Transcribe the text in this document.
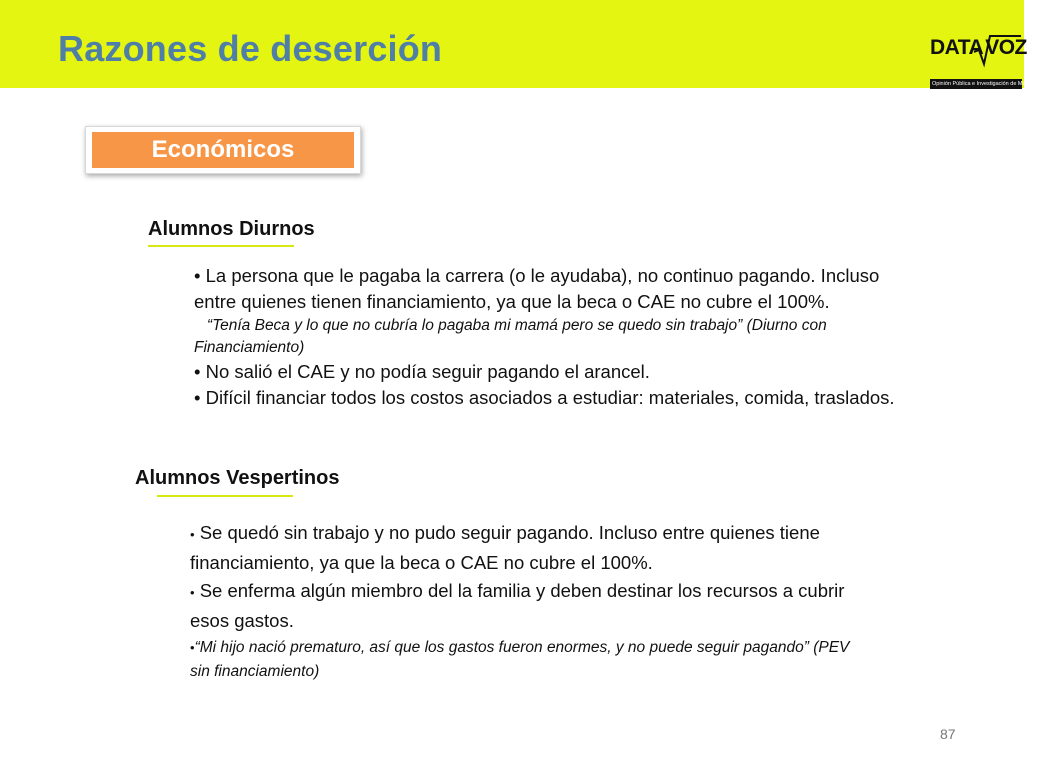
Razones de deserción	DATAVOZ
Opinión Pública e Investigación de Mercado
Económicos
Alumnos Diurnos

• La persona que le pagaba la carrera (o le ayudaba), no continuo pagando. Incluso

entre quienes tienen financiamiento, ya que la beca o CAE no cubre el 100%.

“Tenía Beca y lo que no cubría lo pagaba mi mamá pero se quedo sin trabajo” (Diurno con

Financiamiento)

• No salió el CAE y no podía seguir pagando el arancel.

• Difícil financiar todos los costos asociados a estudiar: materiales, comida, traslados.

Alumnos Vespertinos

• Se quedó sin trabajo y no pudo seguir pagando. Incluso entre quienes tiene

financiamiento, ya que la beca o CAE no cubre el 100%.

• Se enferma algún miembro del la familia y deben destinar los recursos a cubrir

esos gastos.

•“Mi hijo nació prematuro, así que los gastos fueron enormes, y no puede seguir pagando” (PEV

sin financiamiento)

87
